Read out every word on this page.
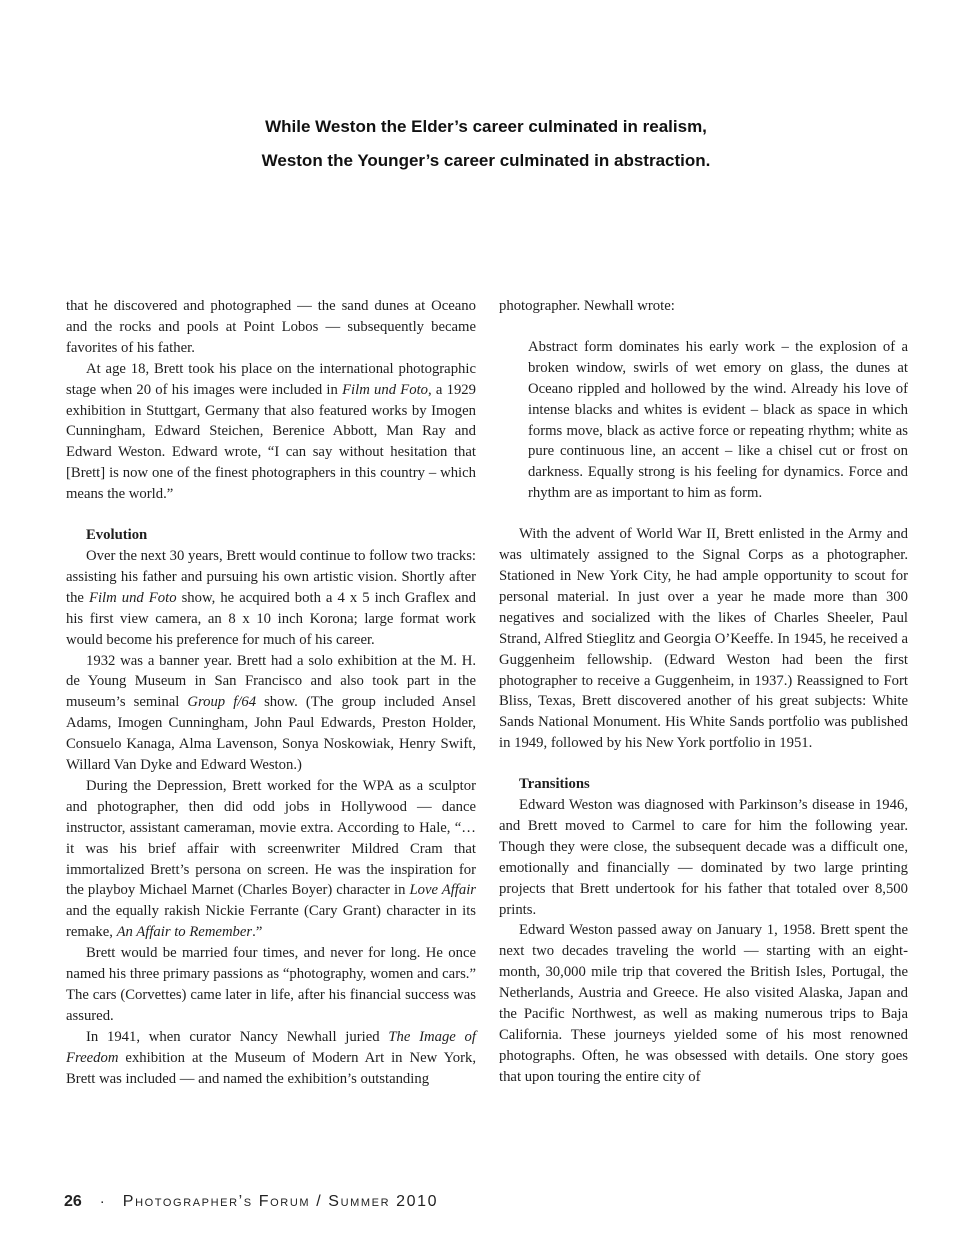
While Weston the Elder’s career culminated in realism,
Weston the Younger’s career culminated in abstraction.

that he discovered and photographed — the sand dunes at Oceano and the rocks and pools at Point Lobos — subsequently became favorites of his father.

At age 18, Brett took his place on the international photographic stage when 20 of his images were included in Film und Foto, a 1929 exhibition in Stuttgart, Germany that also featured works by Imogen Cunningham, Edward Steichen, Berenice Abbott, Man Ray and Edward Weston. Edward wrote, “I can say without hesitation that [Brett] is now one of the finest photographers in this country – which means the world.”

Evolution

Over the next 30 years, Brett would continue to follow two tracks: assisting his father and pursuing his own artistic vision. Shortly after the Film und Foto show, he acquired both a 4 x 5 inch Graflex and his first view camera, an 8 x 10 inch Korona; large format work would become his preference for much of his career.

1932 was a banner year. Brett had a solo exhibition at the M. H. de Young Museum in San Francisco and also took part in the museum’s seminal Group f/64 show. (The group included Ansel Adams, Imogen Cunningham, John Paul Edwards, Preston Holder, Consuelo Kanaga, Alma Lavenson, Sonya Noskowiak, Henry Swift, Willard Van Dyke and Edward Weston.)

During the Depression, Brett worked for the WPA as a sculptor and photographer, then did odd jobs in Hollywood — dance instructor, assistant cameraman, movie extra. According to Hale, “…it was his brief affair with screenwriter Mildred Cram that immortalized Brett’s persona on screen. He was the inspiration for the playboy Michael Marnet (Charles Boyer) character in Love Affair and the equally rakish Nickie Ferrante (Cary Grant) character in its remake, An Affair to Remember.”

Brett would be married four times, and never for long. He once named his three primary passions as “photography, women and cars.” The cars (Corvettes) came later in life, after his financial success was assured.

In 1941, when curator Nancy Newhall juried The Image of Freedom exhibition at the Museum of Modern Art in New York, Brett was included — and named the exhibition’s outstanding

photographer. Newhall wrote:

Abstract form dominates his early work – the explosion of a broken window, swirls of wet emory on glass, the dunes at Oceano rippled and hollowed by the wind. Already his love of intense blacks and whites is evident – black as space in which forms move, black as active force or repeating rhythm; white as pure continuous line, an accent – like a chisel cut or frost on darkness. Equally strong is his feeling for dynamics. Force and rhythm are as important to him as form.

With the advent of World War II, Brett enlisted in the Army and was ultimately assigned to the Signal Corps as a photographer. Stationed in New York City, he had ample opportunity to scout for personal material. In just over a year he made more than 300 negatives and socialized with the likes of Charles Sheeler, Paul Strand, Alfred Stieglitz and Georgia O’Keeffe. In 1945, he received a Guggenheim fellowship. (Edward Weston had been the first photographer to receive a Guggenheim, in 1937.) Reassigned to Fort Bliss, Texas, Brett discovered another of his great subjects: White Sands National Monument. His White Sands portfolio was published in 1949, followed by his New York portfolio in 1951.

Transitions

Edward Weston was diagnosed with Parkinson’s disease in 1946, and Brett moved to Carmel to care for him the following year. Though they were close, the subsequent decade was a difficult one, emotionally and financially — dominated by two large printing projects that Brett undertook for his father that totaled over 8,500 prints.

Edward Weston passed away on January 1, 1958. Brett spent the next two decades traveling the world — starting with an eight-month, 30,000 mile trip that covered the British Isles, Portugal, the Netherlands, Austria and Greece. He also visited Alaska, Japan and the Pacific Northwest, as well as making numerous trips to Baja California. These journeys yielded some of his most renowned photographs. Often, he was obsessed with details. One story goes that upon touring the entire city of

26 · Photographer’s Forum / Summer 2010
